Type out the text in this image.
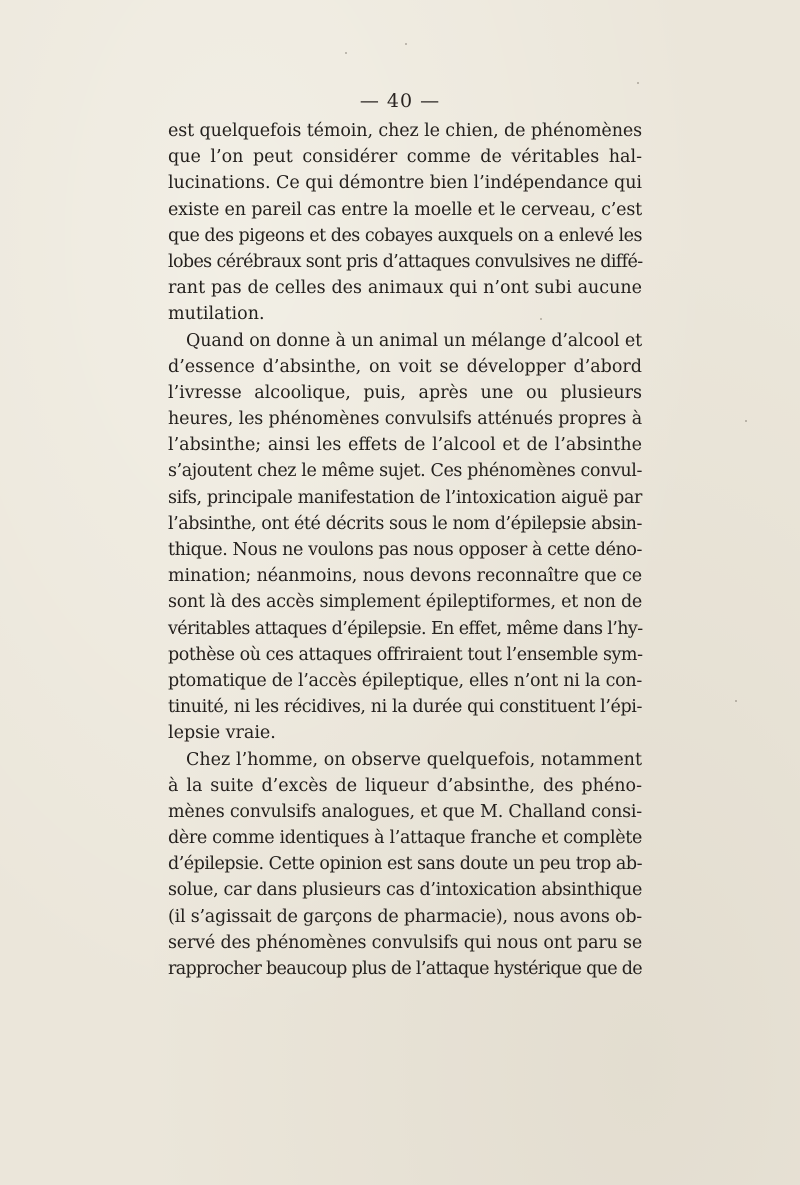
— 40 —
est quelquefois témoin, chez le chien, de phénomènes
que l’on peut considérer comme de véritables hal-
lucinations. Ce qui démontre bien l’indépendance qui
existe en pareil cas entre la moelle et le cerveau, c’est
que des pigeons et des cobayes auxquels on a enlevé les
lobes cérébraux sont pris d’attaques convulsives ne diffé-
rant pas de celles des animaux qui n’ont subi aucune
mutilation.
Quand on donne à un animal un mélange d’alcool et
d’essence d’absinthe, on voit se développer d’abord
l’ivresse alcoolique, puis, après une ou plusieurs
heures, les phénomènes convulsifs atténués propres à
l’absinthe; ainsi les effets de l’alcool et de l’absinthe
s’ajoutent chez le même sujet. Ces phénomènes convul-
sifs, principale manifestation de l’intoxication aiguë par
l’absinthe, ont été décrits sous le nom d’épilepsie absin-
thique. Nous ne voulons pas nous opposer à cette déno-
mination; néanmoins, nous devons reconnaître que ce
sont là des accès simplement épileptiformes, et non de
véritables attaques d’épilepsie. En effet, même dans l’hy-
pothèse où ces attaques offriraient tout l’ensemble sym-
ptomatique de l’accès épileptique, elles n’ont ni la con-
tinuité, ni les récidives, ni la durée qui constituent l’épi-
lepsie vraie.
Chez l’homme, on observe quelquefois, notamment
à la suite d’excès de liqueur d’absinthe, des phéno-
mènes convulsifs analogues, et que M. Challand consi-
dère comme identiques à l’attaque franche et complète
d’épilepsie. Cette opinion est sans doute un peu trop ab-
solue, car dans plusieurs cas d’intoxication absinthique
(il s’agissait de garçons de pharmacie), nous avons ob-
servé des phénomènes convulsifs qui nous ont paru se
rapprocher beaucoup plus de l’attaque hystérique que de
